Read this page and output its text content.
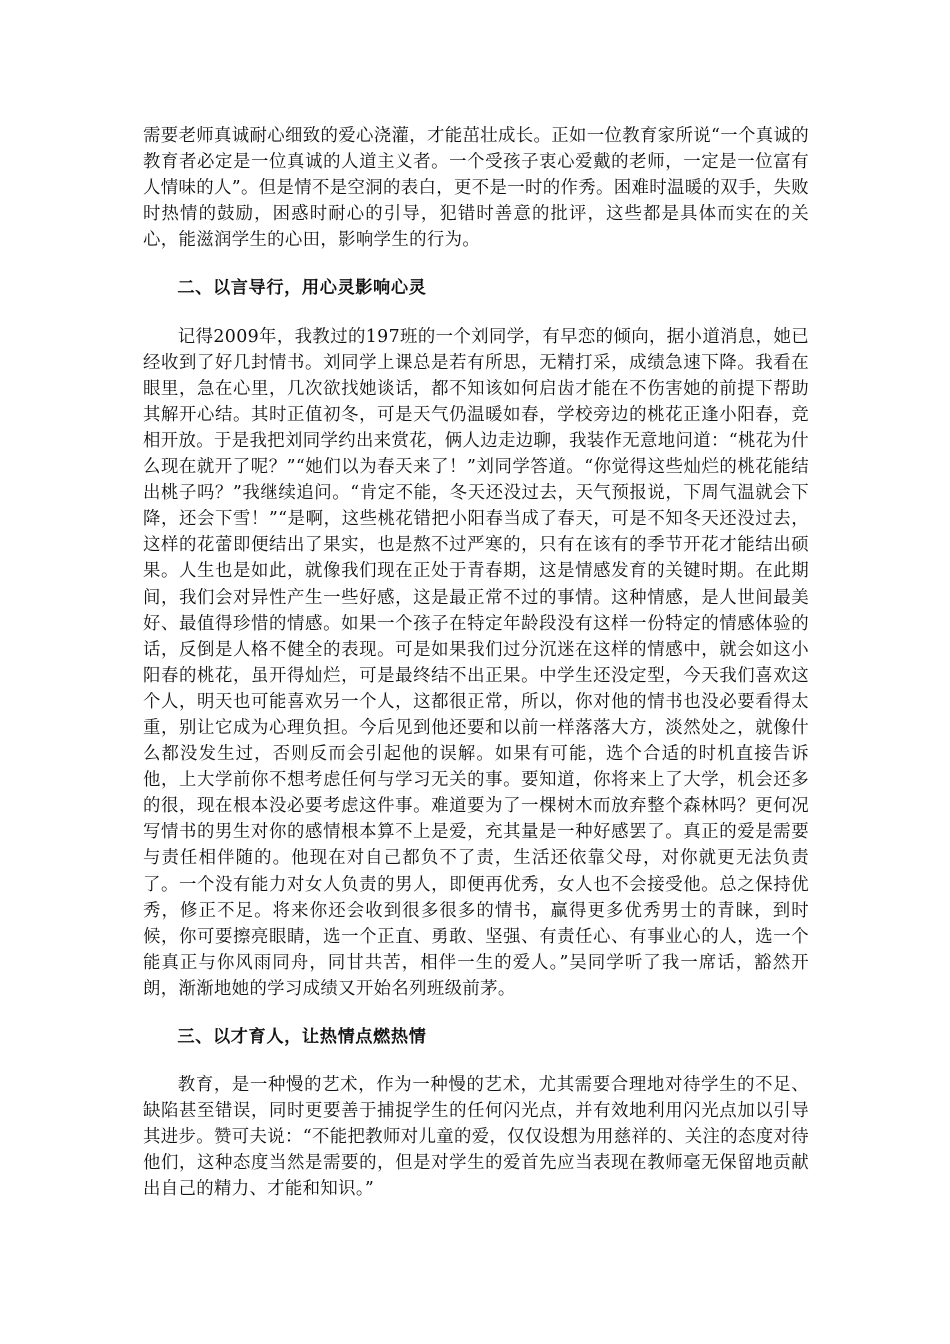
需要老师真诚耐心细致的爱心浇灌，才能茁壮成长。正如一位教育家所说“一个真诚的教育者必定是一位真诚的人道主义者。一个受孩子衷心爱戴的老师，一定是一位富有人情味的人”。但是情不是空洞的表白，更不是一时的作秀。困难时温暖的双手，失败时热情的鼓励，困惑时耐心的引导，犯错时善意的批评，这些都是具体而实在的关心，能滋润学生的心田，影响学生的行为。

二、以言导行，用心灵影响心灵

记得2009年，我教过的197班的一个刘同学，有早恋的倾向，据小道消息，她已经收到了好几封情书。刘同学上课总是若有所思，无精打采，成绩急速下降。我看在眼里，急在心里，几次欲找她谈话，都不知该如何启齿才能在不伤害她的前提下帮助其解开心结。其时正值初冬，可是天气仍温暖如春，学校旁边的桃花正逢小阳春，竞相开放。于是我把刘同学约出来赏花，俩人边走边聊，我装作无意地问道：“桃花为什么现在就开了呢？”“她们以为春天来了！”刘同学答道。“你觉得这些灿烂的桃花能结出桃子吗？”我继续追问。“肯定不能，冬天还没过去，天气预报说，下周气温就会下降，还会下雪！”“是啊，这些桃花错把小阳春当成了春天，可是不知冬天还没过去，这样的花蕾即便结出了果实，也是熬不过严寒的，只有在该有的季节开花才能结出硕果。人生也是如此，就像我们现在正处于青春期，这是情感发育的关键时期。在此期间，我们会对异性产生一些好感，这是最正常不过的事情。这种情感，是人世间最美好、最值得珍惜的情感。如果一个孩子在特定年龄段没有这样一份特定的情感体验的话，反倒是人格不健全的表现。可是如果我们过分沉迷在这样的情感中，就会如这小阳春的桃花，虽开得灿烂，可是最终结不出正果。中学生还没定型，今天我们喜欢这个人，明天也可能喜欢另一个人，这都很正常，所以，你对他的情书也没必要看得太重，别让它成为心理负担。今后见到他还要和以前一样落落大方，淡然处之，就像什么都没发生过，否则反而会引起他的误解。如果有可能，选个合适的时机直接告诉他，上大学前你不想考虑任何与学习无关的事。要知道，你将来上了大学，机会还多的很，现在根本没必要考虑这件事。难道要为了一棵树木而放弃整个森林吗？更何况写情书的男生对你的感情根本算不上是爱，充其量是一种好感罢了。真正的爱是需要与责任相伴随的。他现在对自己都负不了责，生活还依靠父母，对你就更无法负责了。一个没有能力对女人负责的男人，即便再优秀，女人也不会接受他。总之保持优秀，修正不足。将来你还会收到很多很多的情书，赢得更多优秀男士的青睐，到时候，你可要擦亮眼睛，选一个正直、勇敢、坚强、有责任心、有事业心的人，选一个能真正与你风雨同舟，同甘共苦，相伴一生的爱人。”吴同学听了我一席话，豁然开朗，渐渐地她的学习成绩又开始名列班级前茅。

三、以才育人，让热情点燃热情

教育，是一种慢的艺术，作为一种慢的艺术，尤其需要合理地对待学生的不足、缺陷甚至错误，同时更要善于捕捉学生的任何闪光点，并有效地利用闪光点加以引导其进步。赞可夫说：“不能把教师对儿童的爱，仅仅设想为用慈祥的、关注的态度对待他们，这种态度当然是需要的，但是对学生的爱首先应当表现在教师毫无保留地贡献出自己的精力、才能和知识。”
